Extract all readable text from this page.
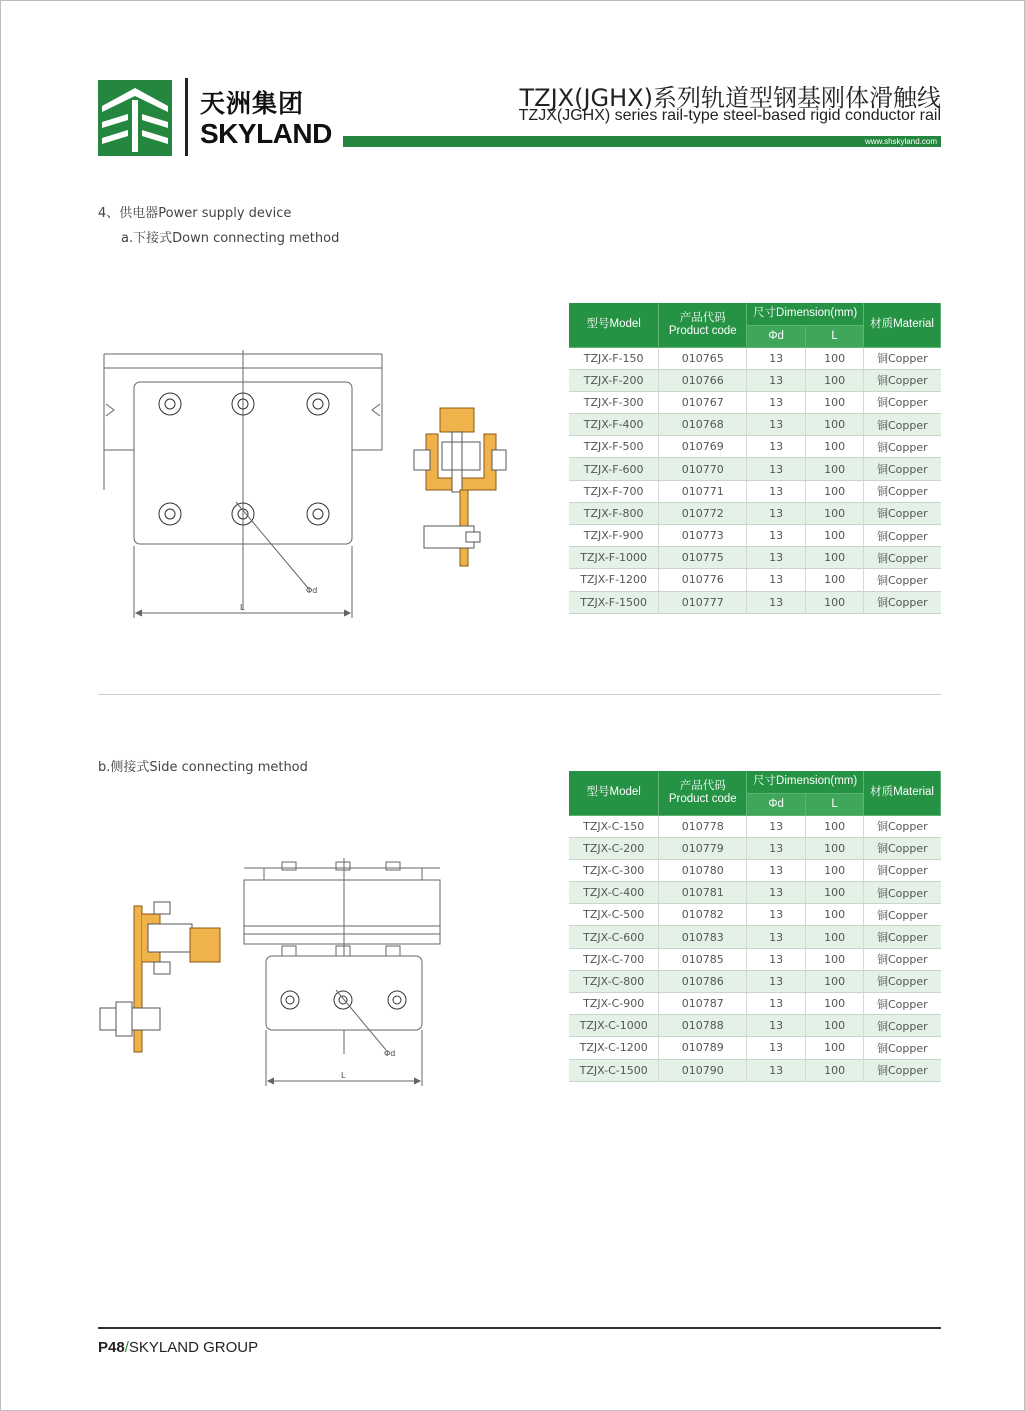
天洲集团
SKYLAND
TZJX(JGHX)系列轨道型钢基刚体滑触线
TZJX(JGHX) series rail-type steel-based rigid conductor rail
www.shskyland.com
4、供电器Power supply device
a.下接式Down connecting method
Φd
L
型号Model	产品代码
Product code	尺寸Dimension(mm)		材质Material
		Φd	L	
TZJX-F-150	010765	13	100	铜Copper
TZJX-F-200	010766	13	100	铜Copper
TZJX-F-300	010767	13	100	铜Copper
TZJX-F-400	010768	13	100	铜Copper
TZJX-F-500	010769	13	100	铜Copper
TZJX-F-600	010770	13	100	铜Copper
TZJX-F-700	010771	13	100	铜Copper
TZJX-F-800	010772	13	100	铜Copper
TZJX-F-900	010773	13	100	铜Copper
TZJX-F-1000	010775	13	100	铜Copper
TZJX-F-1200	010776	13	100	铜Copper
TZJX-F-1500	010777	13	100	铜Copper
b.侧接式Side connecting method
Φd
L
型号Model	产品代码
Product code	尺寸Dimension(mm)		材质Material
		Φd	L	
TZJX-C-150	010778	13	100	铜Copper
TZJX-C-200	010779	13	100	铜Copper
TZJX-C-300	010780	13	100	铜Copper
TZJX-C-400	010781	13	100	铜Copper
TZJX-C-500	010782	13	100	铜Copper
TZJX-C-600	010783	13	100	铜Copper
TZJX-C-700	010785	13	100	铜Copper
TZJX-C-800	010786	13	100	铜Copper
TZJX-C-900	010787	13	100	铜Copper
TZJX-C-1000	010788	13	100	铜Copper
TZJX-C-1200	010789	13	100	铜Copper
TZJX-C-1500	010790	13	100	铜Copper
P48/SKYLAND GROUP
